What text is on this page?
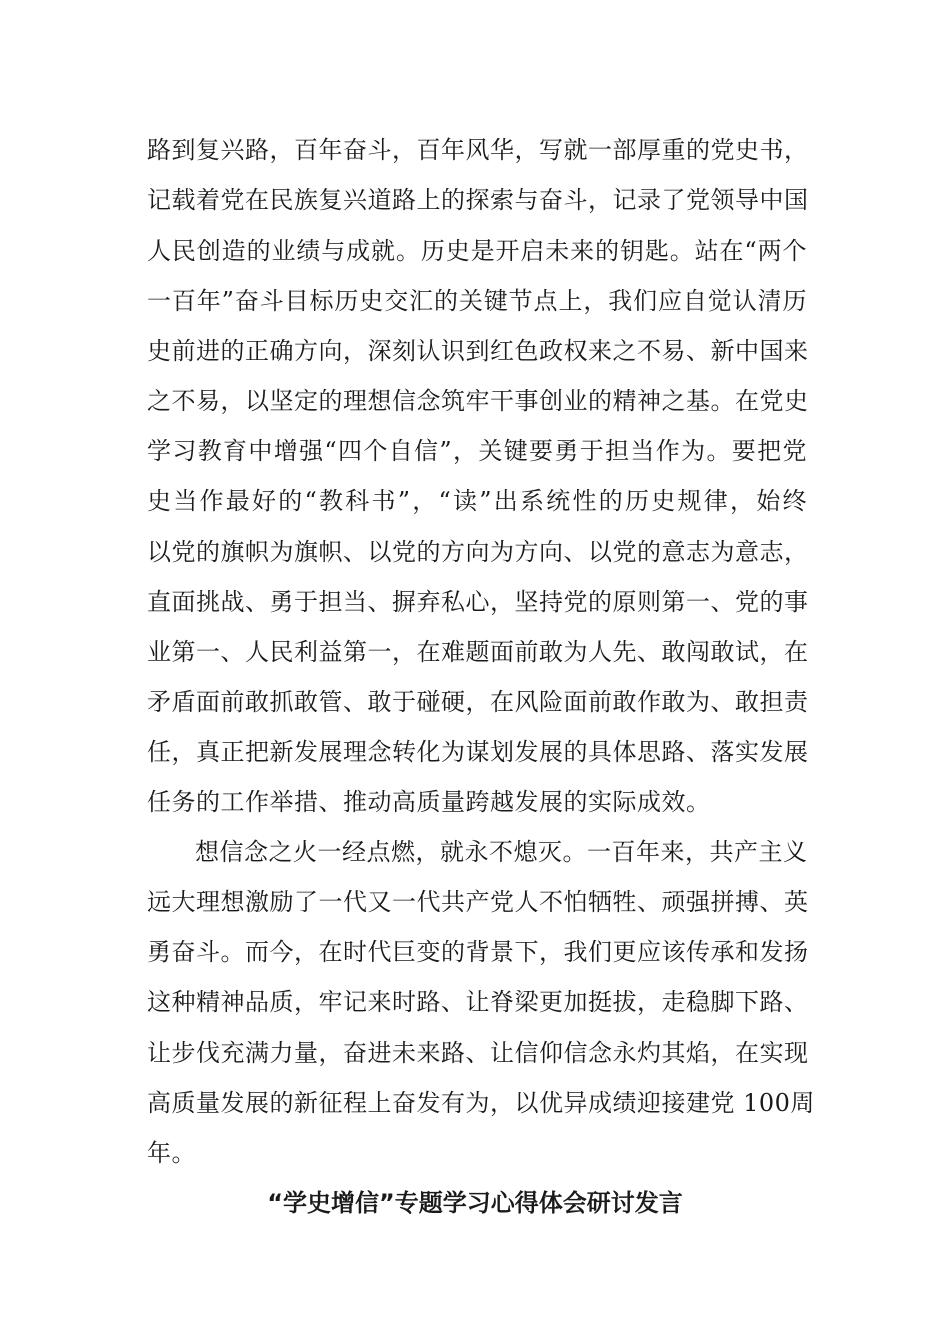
路到复兴路，百年奋斗，百年风华，写就一部厚重的党史书，
记载着党在民族复兴道路上的探索与奋斗，记录了党领导中国
人民创造的业绩与成就。历史是开启未来的钥匙。站在“两个
一百年”奋斗目标历史交汇的关键节点上，我们应自觉认清历
史前进的正确方向，深刻认识到红色政权来之不易、新中国来
之不易，以坚定的理想信念筑牢干事创业的精神之基。在党史
学习教育中增强“四个自信”，关键要勇于担当作为。要把党
史当作最好的“教科书”，“读”出系统性的历史规律，始终
以党的旗帜为旗帜、以党的方向为方向、以党的意志为意志，
直面挑战、勇于担当、摒弃私心，坚持党的原则第一、党的事
业第一、人民利益第一，在难题面前敢为人先、敢闯敢试，在
矛盾面前敢抓敢管、敢于碰硬，在风险面前敢作敢为、敢担责
任，真正把新发展理念转化为谋划发展的具体思路、落实发展
任务的工作举措、推动高质量跨越发展的实际成效。
想信念之火一经点燃，就永不熄灭。一百年来，共产主义
远大理想激励了一代又一代共产党人不怕牺牲、顽强拼搏、英
勇奋斗。而今，在时代巨变的背景下，我们更应该传承和发扬
这种精神品质，牢记来时路、让脊梁更加挺拔，走稳脚下路、
让步伐充满力量，奋进未来路、让信仰信念永灼其焰，在实现
高质量发展的新征程上奋发有为，以优异成绩迎接建党 100周
年。
“学史增信”专题学习心得体会研讨发言
